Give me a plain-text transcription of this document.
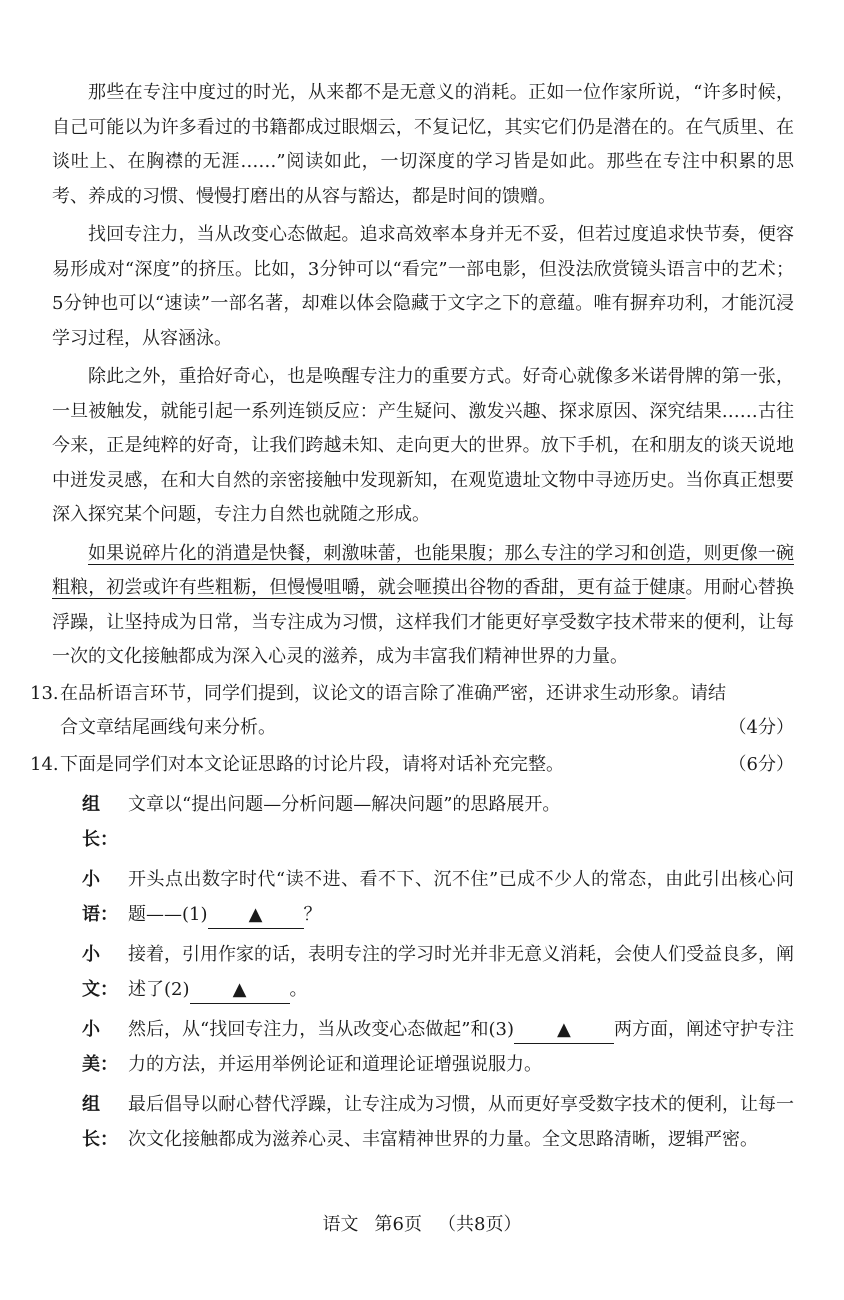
那些在专注中度过的时光，从来都不是无意义的消耗。正如一位作家所说，“许多时候，自己可能以为许多看过的书籍都成过眼烟云，不复记忆，其实它们仍是潜在的。在气质里、在谈吐上、在胸襟的无涯……”阅读如此，一切深度的学习皆是如此。那些在专注中积累的思考、养成的习惯、慢慢打磨出的从容与豁达，都是时间的馈赠。

找回专注力，当从改变心态做起。追求高效率本身并无不妥，但若过度追求快节奏，便容易形成对“深度”的挤压。比如，3分钟可以“看完”一部电影，但没法欣赏镜头语言中的艺术；5分钟也可以“速读”一部名著，却难以体会隐藏于文字之下的意蕴。唯有摒弃功利，才能沉浸学习过程，从容涵泳。

除此之外，重拾好奇心，也是唤醒专注力的重要方式。好奇心就像多米诺骨牌的第一张，一旦被触发，就能引起一系列连锁反应：产生疑问、激发兴趣、探求原因、深究结果……古往今来，正是纯粹的好奇，让我们跨越未知、走向更大的世界。放下手机，在和朋友的谈天说地中迸发灵感，在和大自然的亲密接触中发现新知，在观览遗址文物中寻迹历史。当你真正想要深入探究某个问题，专注力自然也就随之形成。

如果说碎片化的消遣是快餐，刺激味蕾，也能果腹；那么专注的学习和创造，则更像一碗粗粮，初尝或许有些粗粝，但慢慢咀嚼，就会咂摸出谷物的香甜，更有益于健康。用耐心替换浮躁，让坚持成为日常，当专注成为习惯，这样我们才能更好享受数字技术带来的便利，让每一次的文化接触都成为深入心灵的滋养，成为丰富我们精神世界的力量。

13. 在品析语言环节，同学们提到，议论文的语言除了准确严密，还讲求生动形象。请结
合文章结尾画线句来分析。	（4分）
14. 下面是同学们对本文论证思路的讨论片段，请将对话补充完整。	（6分）
组长：
文章以“提出问题—分析问题—解决问题”的思路展开。
小语：
开头点出数字时代“读不进、看不下、沉不住”已成不少人的常态，由此引出核心问题——(1) ▲ ？
小文：
接着，引用作家的话，表明专注的学习时光并非无意义消耗，会使人们受益良多，阐述了(2) ▲ 。
小美：
然后，从“找回专注力，当从改变心态做起”和(3) ▲ 两方面，阐述守护专注力的方法，并运用举例论证和道理论证增强说服力。
组长：
最后倡导以耐心替代浮躁，让专注成为习惯，从而更好享受数字技术的便利，让每一次文化接触都成为滋养心灵、丰富精神世界的力量。全文思路清晰，逻辑严密。
语文 第6页 （共8页）
